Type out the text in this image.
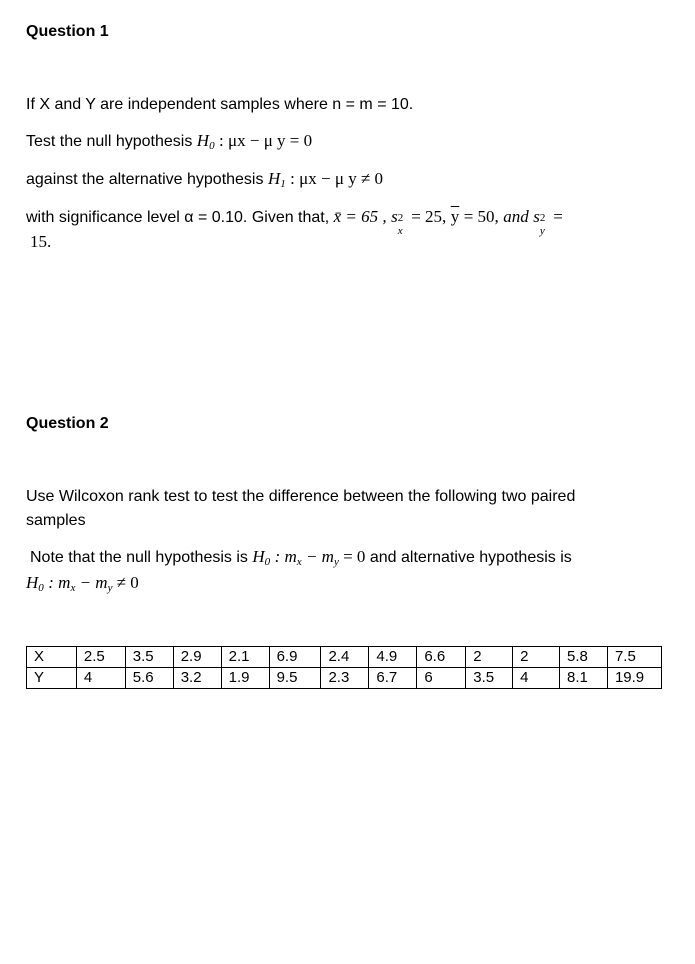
Question 1
If X and Y are independent samples where n = m = 10.
Test the null hypothesis $H_0$ : μx − μ y = 0
against the alternative hypothesis $H_1$ : μx − μ y ≠ 0
with significance level α = 0.10. Given that, x̄ = 65 , s 2
x
= 25, $\overline{y} = 50$, and s 2
y
=
15.
Question 2
Use Wilcoxon rank test to test the difference between the following two paired
samples
Note that the null hypothesis is $H_0$ : $m_x - m_y = 0$ and alternative hypothesis is
$H_0$ : $m_x - m_y \ne 0$
X	2.5	3.5	2.9	2.1	6.9	2.4	4.9	6.6	2	2	5.8	7.5
Y	4	5.6	3.2	1.9	9.5	2.3	6.7	6	3.5	4	8.1	19.9
